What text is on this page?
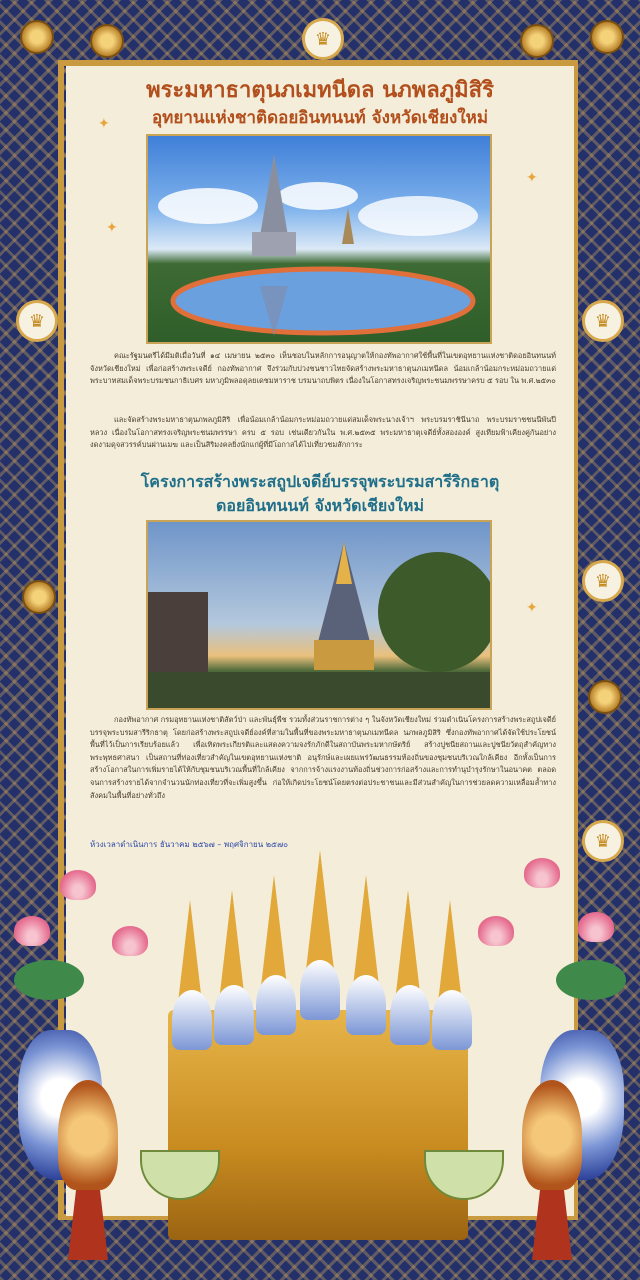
♛
♛	♛
♛
♛
✦
✦
✦
✦
พระมหาธาตุนภเมทนีดล นภพลภูมิสิริ
อุทยานแห่งชาติดอยอินทนนท์ จังหวัดเชียงใหม่

คณะรัฐมนตรีได้มีมติเมื่อวันที่ ๑๔ เมษายน ๒๕๓๐ เห็นชอบในหลักการอนุญาตให้กองทัพอากาศใช้พื้นที่ในเขตอุทยานแห่งชาติดอยอินทนนท์ จังหวัดเชียงใหม่ เพื่อก่อสร้างพระเจดีย์ กองทัพอากาศ จึงร่วมกับปวงชนชาวไทยจัดสร้างพระมหาธาตุนภเมทนีดล น้อมเกล้าน้อมกระหม่อมถวายแด่พระบาทสมเด็จพระบรมชนกาธิเบศร มหาภูมิพลอดุลยเดชมหาราช บรมนาถบพิตร เนื่องในโอกาสทรงเจริญพระชนมพรรษาครบ ๕ รอบ ใน พ.ศ.๒๕๓๐

และจัดสร้างพระมหาธาตุนภพลภูมิสิริ เพื่อน้อมเกล้าน้อมกระหม่อมถวายแด่สมเด็จพระนางเจ้าฯ พระบรมราชินีนาถ พระบรมราชชนนีพันปีหลวง เนื่องในโอกาสทรงเจริญพระชนมพรรษา ครบ ๕ รอบ เช่นเดียวกันใน พ.ศ.๒๕๓๕ พระมหาธาตุเจดีย์ทั้งสององค์ สูงเทียมฟ้าเคียงคู่กันอย่างงดงามดุจสวรรค์บนผ่านเมฆ และเป็นสิริมงคลยิ่งนักแก่ผู้ที่มีโอกาสได้ไปเที่ยวชมสักการะ

โครงการสร้างพระสถูปเจดีย์บรรจุพระบรมสารีริกธาตุ
ดอยอินทนนท์ จังหวัดเชียงใหม่

กองทัพอากาศ กรมอุทยานแห่งชาติสัตว์ป่า และพันธุ์พืช รวมทั้งส่วนราชการต่าง ๆ ในจังหวัดเชียงใหม่ ร่วมดำเนินโครงการสร้างพระสถูปเจดีย์บรรจุพระบรมสารีริกธาตุ โดยก่อสร้างพระสถูปเจดีย์องค์ที่สามในพื้นที่ของพระมหาธาตุนภเมทนีดล นภพลภูมิสิริ ซึ่งกองทัพอากาศได้จัดใช้ประโยชน์พื้นที่ไว้เป็นการเรียบร้อยแล้ว เพื่อเทิดพระเกียรติและแสดงความจงรักภักดีในสถาบันพระมหากษัตริย์ สร้างปูชนียสถานและปูชนียวัตถุสำคัญทางพระพุทธศาสนา เป็นสถานที่ท่องเที่ยวสำคัญในเขตอุทยานแห่งชาติ อนุรักษ์และเผยแพร่วัฒนธรรมท้องถิ่นของชุมชนบริเวณใกล้เคียง อีกทั้งเป็นการสร้างโอกาสในการเพิ่มรายได้ให้กับชุมชนบริเวณพื้นที่ใกล้เคียง จากการจ้างแรงงานท้องถิ่นช่วงการก่อสร้างและการทำนุบำรุงรักษาในอนาคต ตลอดจนการสร้างรายได้จากจำนวนนักท่องเที่ยวที่จะเพิ่มสูงขึ้น ก่อให้เกิดประโยชน์โดยตรงต่อประชาชนและมีส่วนสำคัญในการช่วยลดความเหลื่อมล้ำทางสังคมในพื้นที่อย่างทั่วถึง

ห้วงเวลาดำเนินการ ธันวาคม ๒๕๖๗ – พฤศจิกายน ๒๕๗๐
